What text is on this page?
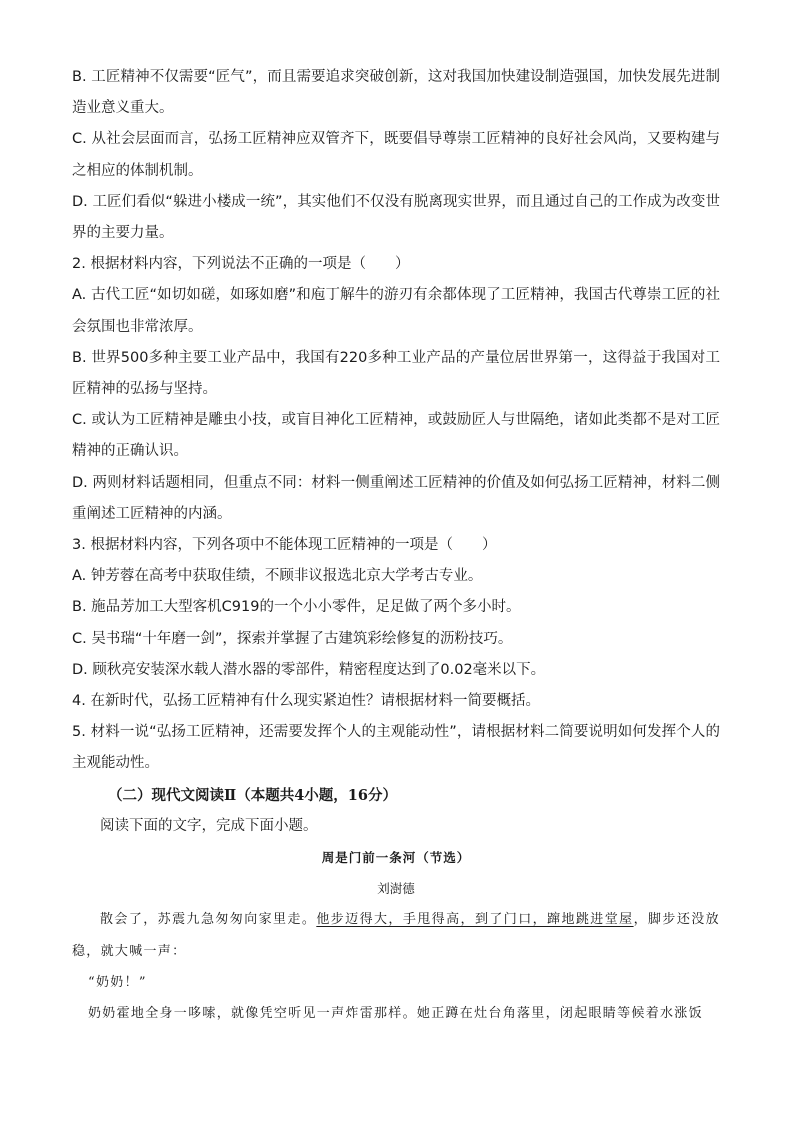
B. 工匠精神不仅需要“匠气”，而且需要追求突破创新，这对我国加快建设制造强国，加快发展先进制造业意义重大。

C. 从社会层面而言，弘扬工匠精神应双管齐下，既要倡导尊崇工匠精神的良好社会风尚，又要构建与之相应的体制机制。

D. 工匠们看似“躲进小楼成一统”，其实他们不仅没有脱离现实世界，而且通过自己的工作成为改变世界的主要力量。

2. 根据材料内容，下列说法不正确的一项是（　　）

A. 古代工匠“如切如磋，如琢如磨”和庖丁解牛的游刃有余都体现了工匠精神，我国古代尊崇工匠的社会氛围也非常浓厚。

B. 世界500多种主要工业产品中，我国有220多种工业产品的产量位居世界第一，这得益于我国对工匠精神的弘扬与坚持。

C. 或认为工匠精神是雕虫小技，或盲目神化工匠精神，或鼓励匠人与世隔绝，诸如此类都不是对工匠精神的正确认识。

D. 两则材料话题相同，但重点不同：材料一侧重阐述工匠精神的价值及如何弘扬工匠精神，材料二侧重阐述工匠精神的内涵。

3. 根据材料内容，下列各项中不能体现工匠精神的一项是（　　）

A. 钟芳蓉在高考中获取佳绩，不顾非议报选北京大学考古专业。

B. 施品芳加工大型客机C919的一个小小零件，足足做了两个多小时。

C. 吴书瑞“十年磨一剑”，探索并掌握了古建筑彩绘修复的沥粉技巧。

D. 顾秋亮安装深水载人潜水器的零部件，精密程度达到了0.02毫米以下。

4. 在新时代，弘扬工匠精神有什么现实紧迫性？请根据材料一简要概括。

5. 材料一说“弘扬工匠精神，还需要发挥个人的主观能动性”，请根据材料二简要说明如何发挥个人的主观能动性。

（二）现代文阅读Ⅱ（本题共4小题，16分）

阅读下面的文字，完成下面小题。

周是门前一条河（节选）

刘澍德

散会了，苏震九急匆匆向家里走。他步迈得大，手甩得高，到了门口，蹿地跳进堂屋，脚步还没放稳，就大喊一声：

“奶奶！”

奶奶霍地全身一哆嗦，就像凭空听见一声炸雷那样。她正蹲在灶台角落里，闭起眼睛等候着水涨饭
